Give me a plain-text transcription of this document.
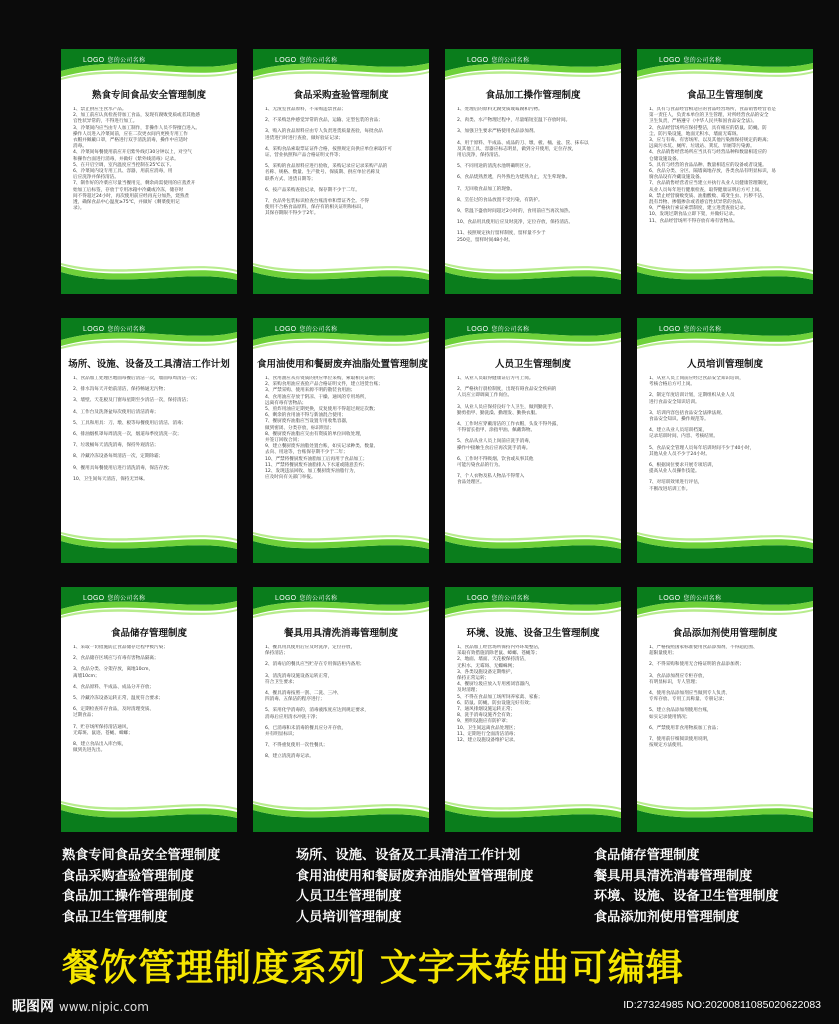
LOGO 您的公司名称
熟食专间食品安全管理制度
1、禁止供应生食水产品。
2、加工前应认真检查待加工食品，发现有腐败变质或者其他感
官性状异常的，不得进行加工。
3、冷菜间内应当由专人加工制作，非操作人员不得擅自进入。
操作人员进入冷菜间前，应在二次更衣间内更换专用工作
衣帽并佩戴口罩，严格进行双手清洗消毒，操作中应适时
消毒。
4、冷菜间每餐使用前应开启紫外线灯30分钟以上，对空气
和操作台面进行消毒，并做好《紫外线消毒》记录。
5、在开启空调，室内温度应当控制在25℃以下。
6、冷菜间内设专用工具、容器，用前应消毒，用
后应洗净并保持清洁。
7、制作好的冷菜应尽量当餐用完，剩余尚需使用的应蒸煮开
始加工后标签，存放于专用冰箱中冷藏或冷冻，储存时
间不得超过24小时，再次使用前应经再充分加热，烧熟煮
透，确保食品中心温度≥75℃，并做好《剩菜使用记
录》。
LOGO 您的公司名称
食品采购查验管理制度
1、无渣室食品原料，不采购违禁食品；
2、不采购急仲感觉异常的食品，运输、定型包装的食品；
3、购入的食品原料应由专人负责进货质量查验，每批食品
进货进行时进行查验，做好验证记录；
4、采购食品索取票证证件合格，按照规定向供应单位索取许可
证、营业执照和产品合格证明文件等；
5、采购的食品原料应进行验收，采购记录应记录采购产品的
名称、规格、数量、生产批号、保质期、供应单位名称及
联系方式、进货日期等；
6、按产品采购查验记录，保存期不少于二年。
7、食品外包装标识检查台账清单和票证齐全。不得
使用不合格食品原料，保存有的相关证明和标识，
其保存期限不得少于2年。
LOGO 您的公司名称
食品加工操作管理制度
1、处理后的原料无腐变质或霉腐和污物。
2、肉类、水产物理过程中，尽量缩短室温下存放时间。
3、加强卫生要求严格使用食品添加剂。
4、用于原料、半成品、成品的刀、墩、板、桶、盆、筐、抹布以
及其他工具、容器应标志明显，做到分开使用，定位存放，
用后洗净，保持清洁。
5、不同用途的清洗水池明确明区分。
6、食品烧熟煮透，内外熟色为烧熟为止，无生荤现象。
7、无回收食品加工的现象。
8、烹任过的食品放置不受污染，有防护。
9、常温下盛放时间超过2小时的，食用前应当再次加热。
10、食品用具使用后应及时洗净，定位存放，保持清洁。
11、按照规定执行留样制度，留样量不少于
250克，留样时间48小时。
LOGO 您的公司名称
食品卫生管理制度
1、具有与食品经营相适应的食品经营场所，食品销售经营者是
第一责任人，负责本单位的卫生管理，对所经营食品的安全
卫生负责，严格遵守《中华人民共和国食品安全法》。
2、食品经营场所应保持整洁，具有相应的防鼠、防蝇、防
尘、防污染设施，地面无积水，墙面无霉斑。
3、应与有毒、有害场所、以及其他污染源保持规定的距离；
远离污水坑、厕所、垃圾站、粪坑、旱厕等污染源。
4、食品销售经营场所应当具有与经营品种和数量相适应的
仓储设施设备。
5、具有与经营的食品品种、数量相适应的设备或者设施。
6、食品分类、分区、隔墙离地存放，各类食品有明显标识，易
腐食品设有冷藏设施设备。
7、食品销售经营者应当建立并执行从业人员健康管理制度，
从业人员每年进行健康检查，取得健康证明后方可上岗。
8、禁止经营腐败变质、油脂酸败、霉变生虫、污秽不洁、
混有异物、掺假掺杂或者感官性状异常的食品。
9、严格执行索证索票制度，建立进货查验记录。
10、发现过期食品立即下架，并做好记录。
11、食品经营场所不得存放有毒有害物品。
LOGO 您的公司名称
场所、设施、设备及工具清洁工作计划
1、食品加工处理区地面每餐后清洁一次，墙面每周清洁一次；
2、排水沟每天开始前清洁，保持畅通无污物；
3、墙壁、天花板及门窗每星期至少清洁一次，保持清洁；
4、工作台及洗涤盆每次使用后清洁消毒；
5、工具和用具：刀、墩、板等每餐使用后清洁、消毒；
6、排油烟机罩每周清洗一次，烟道每季度清洗一次；
7、垃圾桶每天清洗消毒，保持外观清洁；
8、冷藏冷冻设备每周清洁一次，定期除霜；
9、餐用具每餐使用后进行清洗消毒，保洁存放；
10、卫生间每天清洁，保持无异味。
LOGO 您的公司名称
食用油使用和餐厨废弃油脂处置管理制度
1、食用油应从有资质的供应单位采购，索取相关证明；
2、采购食用油应查验产品合格证明文件，建立进货台账；
3、严禁采购、使用来源不明的散装食用油；
4、食用油应存放于阴凉、干燥、通风的专用场所，
远离有毒有害物品；
5、煎炸用油应定期更换，反复使用不得超过规定次数；
6、剩余的食用油不得与新油混合使用；
7、餐厨废弃油脂应当设置专用收集容器，
做到密闭、分类存放，标识明显；
8、餐厨废弃油脂应交由有资质的单位回收处理，
并签订回收合同；
9、建立餐厨废弃油脂处置台账，如实记录种类、数量、
去向、用途等，台账保存期不少于二年；
10、严禁将餐厨废弃油脂加工后再用于食品加工；
11、严禁将餐厨废弃油脂排入下水道或随意丢弃；
12、发现违法回收、加工餐厨废弃油脂行为，
应及时向有关部门举报。
LOGO 您的公司名称
人员卫生管理制度
1、从业人员取得健康证后方可上岗。
2、严格执行晨检制度，出现有碍食品安全疾病的
人员应立即调离工作岗位。
3、从业人员应保持良好个人卫生，做到勤洗手、
勤剪指甲、勤洗澡、勤理发、勤换衣服。
4、工作时应穿戴清洁的工作衣帽，头发不得外露，
不得留长指甲、涂指甲油、佩戴饰物。
5、食品从业人员上岗前应洗手消毒，
操作中接触生食后应再次洗手消毒。
6、工作时不得吸烟、饮食或从事其他
可能污染食品的行为。
7、个人衣物及私人物品不得带入
食品处理区。
LOGO 您的公司名称
人员培训管理制度
1、从业人员上岗前应经过食品安全知识培训，
考核合格后方可上岗。
2、制定年度培训计划，定期组织从业人员
进行食品安全知识培训。
3、培训内容包括食品安全法律法规、
食品安全知识、操作规范等。
4、建立从业人员培训档案，
记录培训时间、内容、考核结果。
5、食品安全管理人员每年培训时间不少于40小时，
其他从业人员不少于24小时。
6、根据岗位要求开展专项培训，
提高从业人员操作技能。
7、对培训效果进行评估，
不断改进培训工作。
LOGO 您的公司名称
食品储存管理制度
1、采取一切措施防止食品储存过程中被污染；
2、食品储存区域应与有毒有害物品隔离；
3、食品分类、分架存放，离地10cm，
离墙10cm；
4、食品原料、半成品、成品分开存放；
5、冷藏冷冻设备运转正常，温度符合要求；
6、定期检查库存食品，及时清理变质、
过期食品；
7、贮存场所保持清洁通风，
无霉斑、鼠迹、苍蝇、蟑螂；
8、建立食品出入库台账，
做到先进先出。
LOGO 您的公司名称
餐具用具清洗消毒管理制度
1、餐具用具使用后应及时洗净，定位存放，
保持清洁；
2、消毒后的餐具应当贮存在专用保洁柜内备用；
3、清洗消毒设施设备运转正常，
符合卫生要求；
4、餐具消毒按照一刮、二洗、三冲、
四消毒、五保洁的程序进行；
5、采用化学消毒的，消毒液浓度应达到规定要求，
消毒后应用清水冲洗干净；
6、已消毒和未消毒的餐具应分开存放，
并有明显标识；
7、不得重复使用一次性餐具；
8、建立清洗消毒记录。
LOGO 您的公司名称
环境、设施、设备卫生管理制度
1、食品加工经营场所保持内外环境整洁，
采取有效措施消除老鼠、蟑螂、苍蝇等；
2、地面、墙面、天花板保持清洁，
无积水、无霉斑、无蜘蛛网；
3、各类设施设备定期维护，
保持正常运转；
4、餐厨垃圾应放入专用密闭容器内，
及时清理；
5、不得在食品加工场所饲养家禽、家畜；
6、防鼠、防蝇、防虫设施完好有效；
7、通风排烟设施运转正常；
8、洗手消毒设施齐全有效；
9、照明设施应有防护罩；
10、卫生间远离食品处理区；
11、定期进行全面清洁消毒；
12、建立设施设备维护记录。
LOGO 您的公司名称
食品添加剂使用管理制度
1、严格按照国家标准使用食品添加剂，不得超范围、
超限量使用；
2、不得采购和使用无合格证明的食品添加剂；
3、食品添加剂应专柜存放，
有明显标识，专人管理；
4、使用食品添加剂应当做到专人负责、
专库存放、专用工具称量、专册记录；
5、建立食品添加剂使用台账，
如实记录使用情况；
6、严禁使用非食用物质加工食品；
7、使用前仔细阅读使用说明，
按规定方法使用。
熟食专间食品安全管理制度
食品采购查验管理制度
食品加工操作管理制度
食品卫生管理制度
场所、设施、设备及工具清洁工作计划
食用油使用和餐厨废弃油脂处置管理制度
人员卫生管理制度
人员培训管理制度
食品储存管理制度
餐具用具清洗消毒管理制度
环境、设施、设备卫生管理制度
食品添加剂使用管理制度
餐饮管理制度系列 文字未转曲可编辑
昵图网 www.nipic.com	ID:27324985 NO:20200811085020622083
